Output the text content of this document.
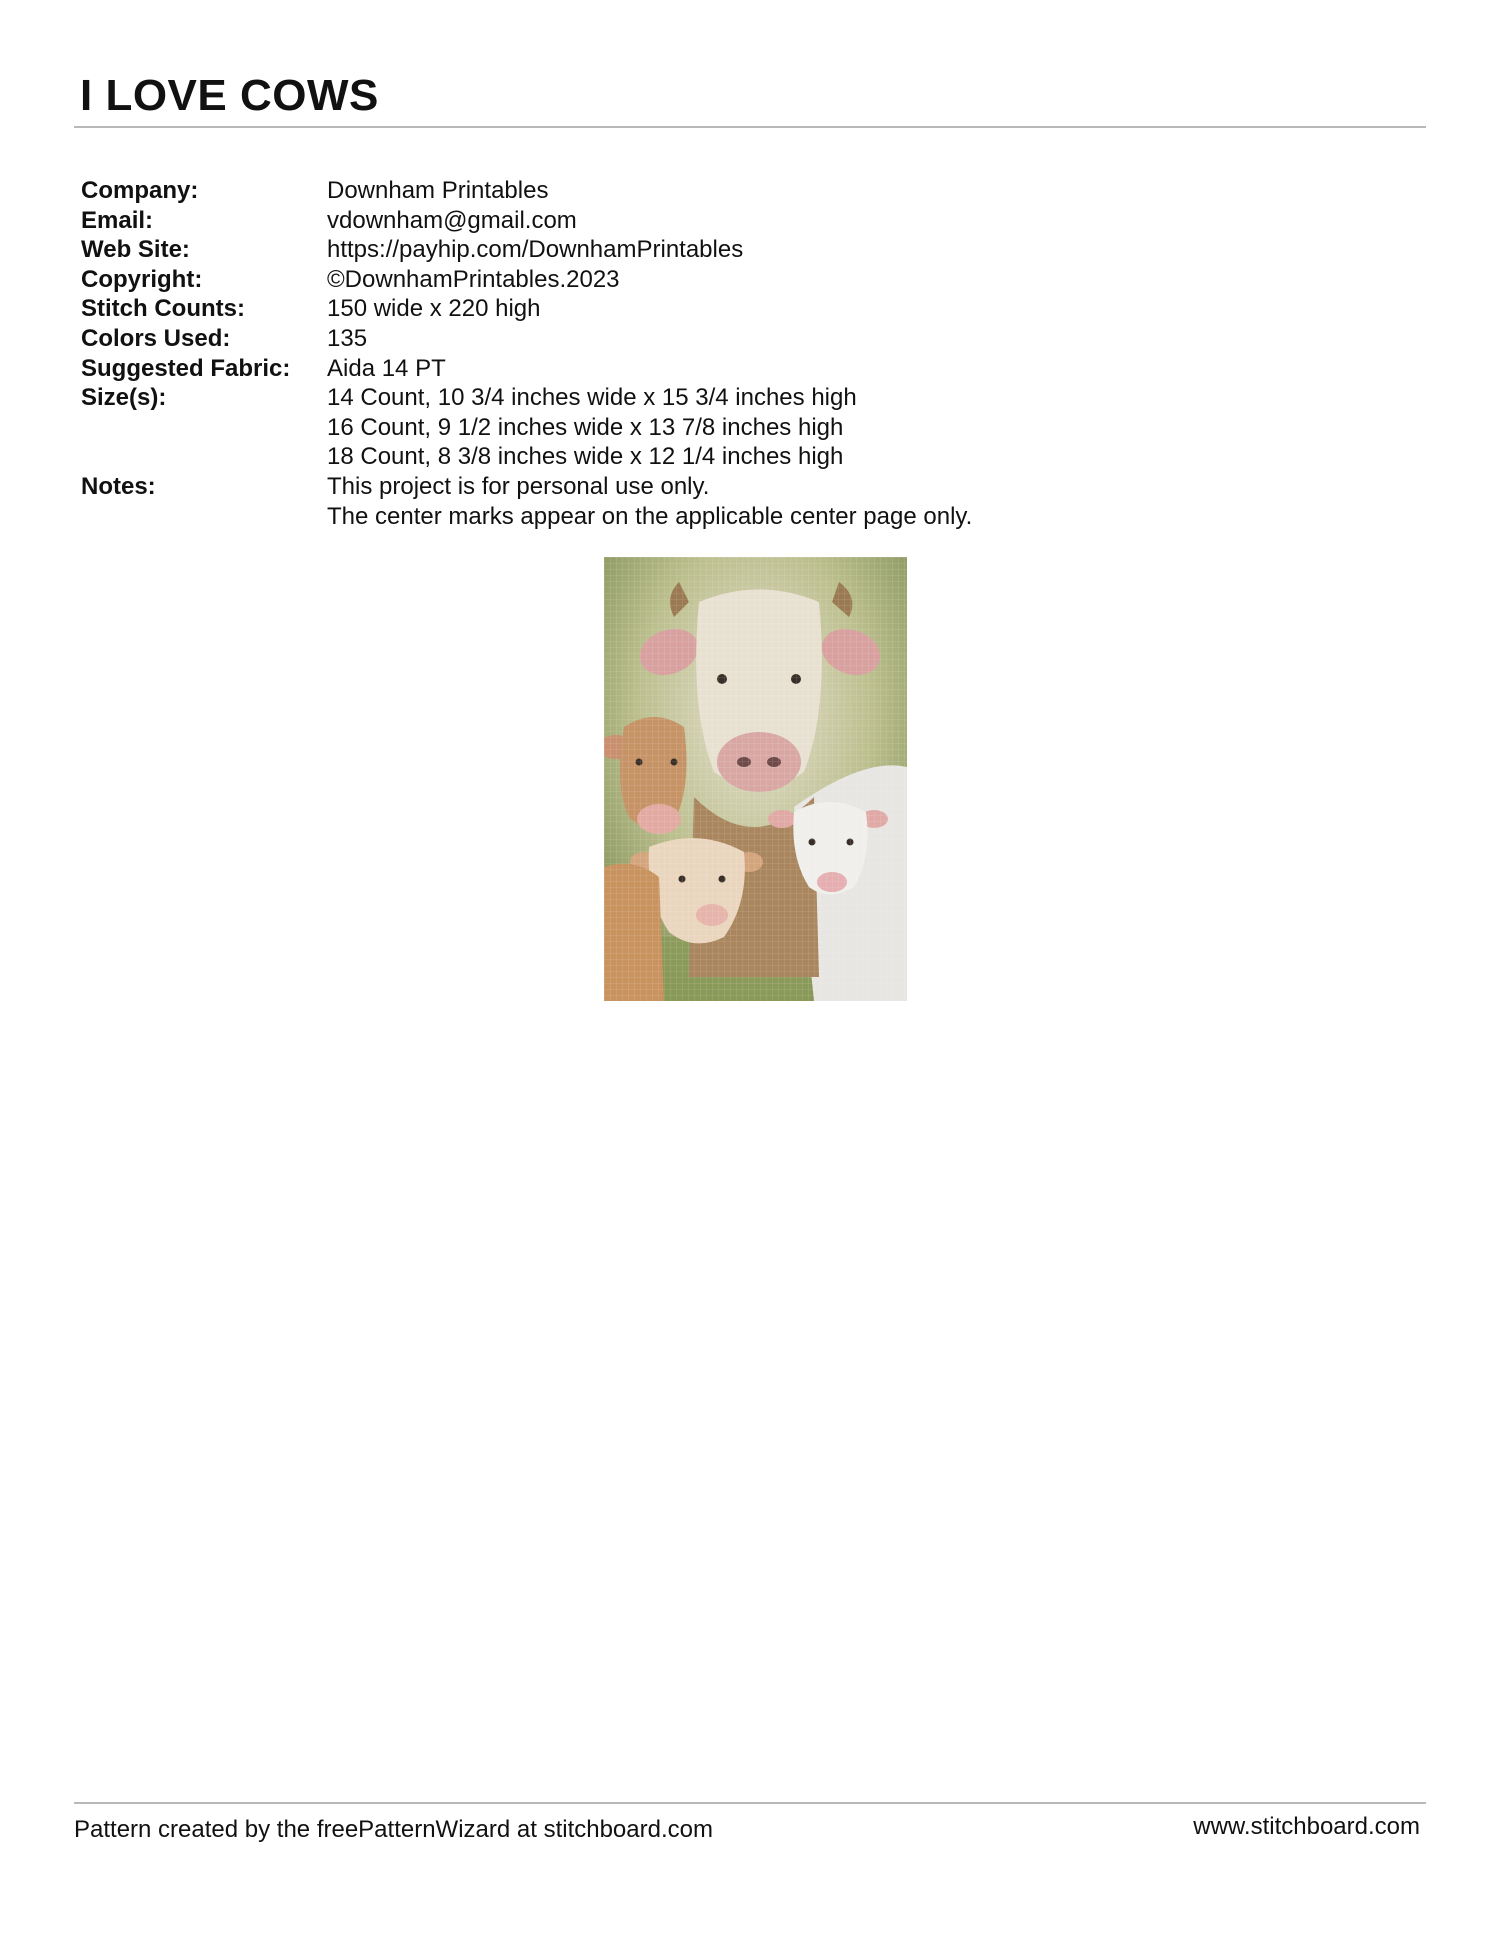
I LOVE COWS
Company:	Downham Printables
Email:	vdownham@gmail.com
Web Site:	https://payhip.com/DownhamPrintables
Copyright:	©DownhamPrintables.2023
Stitch Counts:	150 wide x 220 high
Colors Used:	135
Suggested Fabric:	Aida 14 PT
Size(s):	14 Count, 10 3/4 inches wide x 15 3/4 inches high
16 Count, 9 1/2 inches wide x 13 7/8 inches high
18 Count, 8 3/8 inches wide x 12 1/4 inches high
Notes:	This project is for personal use only.
The center marks appear on the applicable center page only.
Pattern created by the freePatternWizard at stitchboard.com	www.stitchboard.com
